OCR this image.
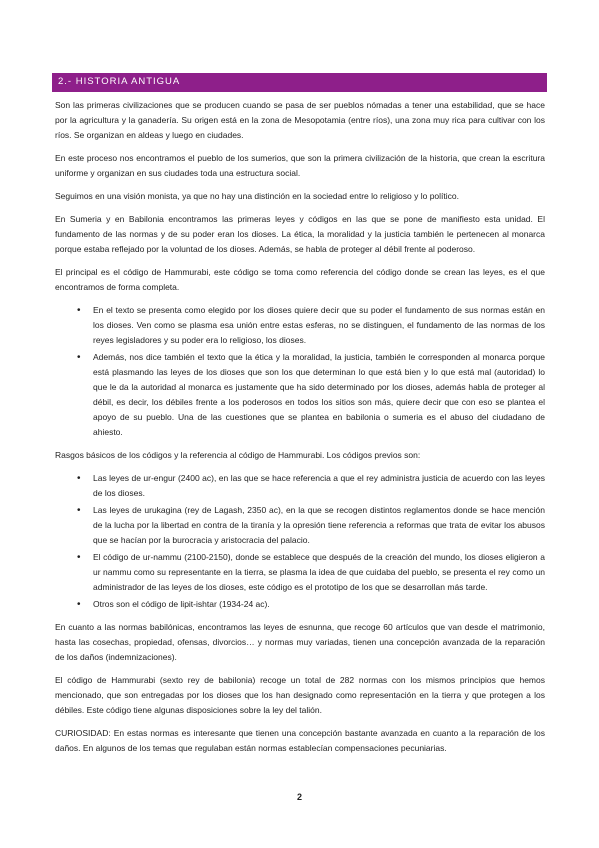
2.- HISTORIA ANTIGUA

Son las primeras civilizaciones que se producen cuando se pasa de ser pueblos nómadas a tener una estabilidad, que se hace por la agricultura y la ganadería. Su origen está en la zona de Mesopotamia (entre ríos), una zona muy rica para cultivar con los ríos. Se organizan en aldeas y luego en ciudades.

En este proceso nos encontramos el pueblo de los sumerios, que son la primera civilización de la historia, que crean la escritura uniforme y organizan en sus ciudades toda una estructura social.

Seguimos en una visión monista, ya que no hay una distinción en la sociedad entre lo religioso y lo político.

En Sumeria y en Babilonia encontramos las primeras leyes y códigos en las que se pone de manifiesto esta unidad. El fundamento de las normas y de su poder eran los dioses. La ética, la moralidad y la justicia también le pertenecen al monarca porque estaba reflejado por la voluntad de los dioses. Además, se habla de proteger al débil frente al poderoso.

El principal es el código de Hammurabi, este código se toma como referencia del código donde se crean las leyes, es el que encontramos de forma completa.

• En el texto se presenta como elegido por los dioses quiere decir que su poder el fundamento de sus normas están en los dioses. Ven como se plasma esa unión entre estas esferas, no se distinguen, el fundamento de las normas de los reyes legisladores y su poder era lo religioso, los dioses.
• Además, nos dice también el texto que la ética y la moralidad, la justicia, también le corresponden al monarca porque está plasmando las leyes de los dioses que son los que determinan lo que está bien y lo que está mal (autoridad) lo que le da la autoridad al monarca es justamente que ha sido determinado por los dioses, además habla de proteger al débil, es decir, los débiles frente a los poderosos en todos los sitios son más, quiere decir que con eso se plantea el apoyo de su pueblo. Una de las cuestiones que se plantea en babilonia o sumeria es el abuso del ciudadano de ahiesto.

Rasgos básicos de los códigos y la referencia al código de Hammurabi. Los códigos previos son:

• Las leyes de ur-engur (2400 ac), en las que se hace referencia a que el rey administra justicia de acuerdo con las leyes de los dioses.
• Las leyes de urukagina (rey de Lagash, 2350 ac), en la que se recogen distintos reglamentos donde se hace mención de la lucha por la libertad en contra de la tiranía y la opresión tiene referencia a reformas que trata de evitar los abusos que se hacían por la burocracia y aristocracia del palacio.
• El código de ur-nammu (2100-2150), donde se establece que después de la creación del mundo, los dioses eligieron a ur nammu como su representante en la tierra, se plasma la idea de que cuidaba del pueblo, se presenta el rey como un administrador de las leyes de los dioses, este código es el prototipo de los que se desarrollan más tarde.
• Otros son el código de lipit-ishtar (1934-24 ac).

En cuanto a las normas babilónicas, encontramos las leyes de esnunna, que recoge 60 artículos que van desde el matrimonio, hasta las cosechas, propiedad, ofensas, divorcios… y normas muy variadas, tienen una concepción avanzada de la reparación de los daños (indemnizaciones).

El código de Hammurabi (sexto rey de babilonia) recoge un total de 282 normas con los mismos principios que hemos mencionado, que son entregadas por los dioses que los han designado como representación en la tierra y que protegen a los débiles. Este código tiene algunas disposiciones sobre la ley del talión.

CURIOSIDAD: En estas normas es interesante que tienen una concepción bastante avanzada en cuanto a la reparación de los daños. En algunos de los temas que regulaban están normas establecían compensaciones pecuniarias.

2
